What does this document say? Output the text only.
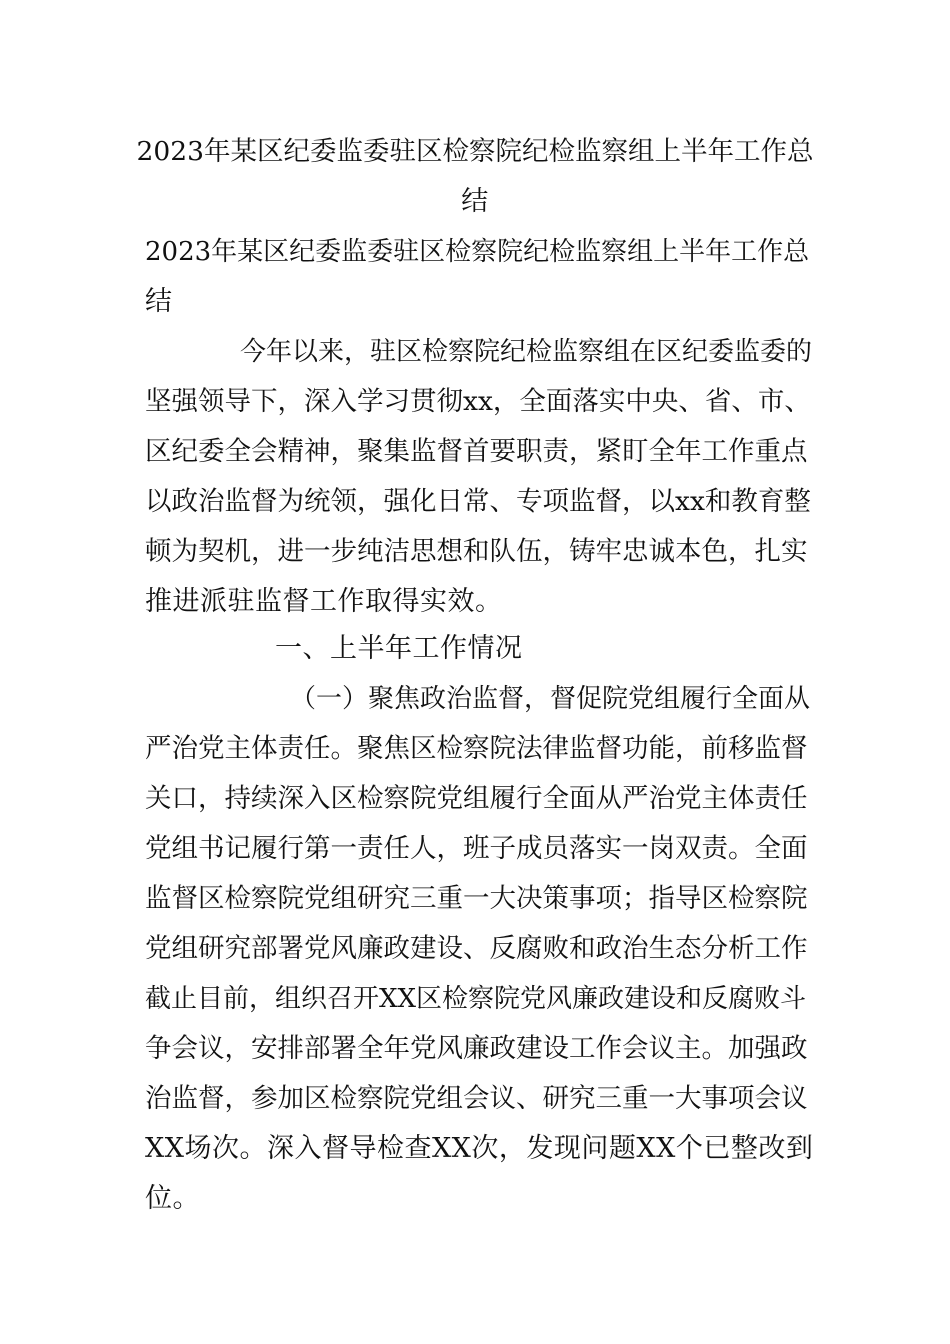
2023年某区纪委监委驻区检察院纪检监察组上半年工作总
结
2023年某区纪委监委驻区检察院纪检监察组上半年工作总
结
今年以来，驻区检察院纪检监察组在区纪委监委的
坚强领导下，深入学习贯彻xx，全面落实中央、省、市、
区纪委全会精神，聚集监督首要职责，紧盯全年工作重点
以政治监督为统领，强化日常、专项监督，以xx和教育整
顿为契机，进一步纯洁思想和队伍，铸牢忠诚本色，扎实
推进派驻监督工作取得实效。
一、上半年工作情况
（一）聚焦政治监督，督促院党组履行全面从
严治党主体责任。聚焦区检察院法律监督功能，前移监督
关口，持续深入区检察院党组履行全面从严治党主体责任
党组书记履行第一责任人，班子成员落实一岗双责。全面
监督区检察院党组研究三重一大决策事项；指导区检察院
党组研究部署党风廉政建设、反腐败和政治生态分析工作
截止目前，组织召开XX区检察院党风廉政建设和反腐败斗
争会议，安排部署全年党风廉政建设工作会议主。加强政
治监督，参加区检察院党组会议、研究三重一大事项会议
XX场次。深入督导检查XX次，发现问题XX个已整改到
位。
